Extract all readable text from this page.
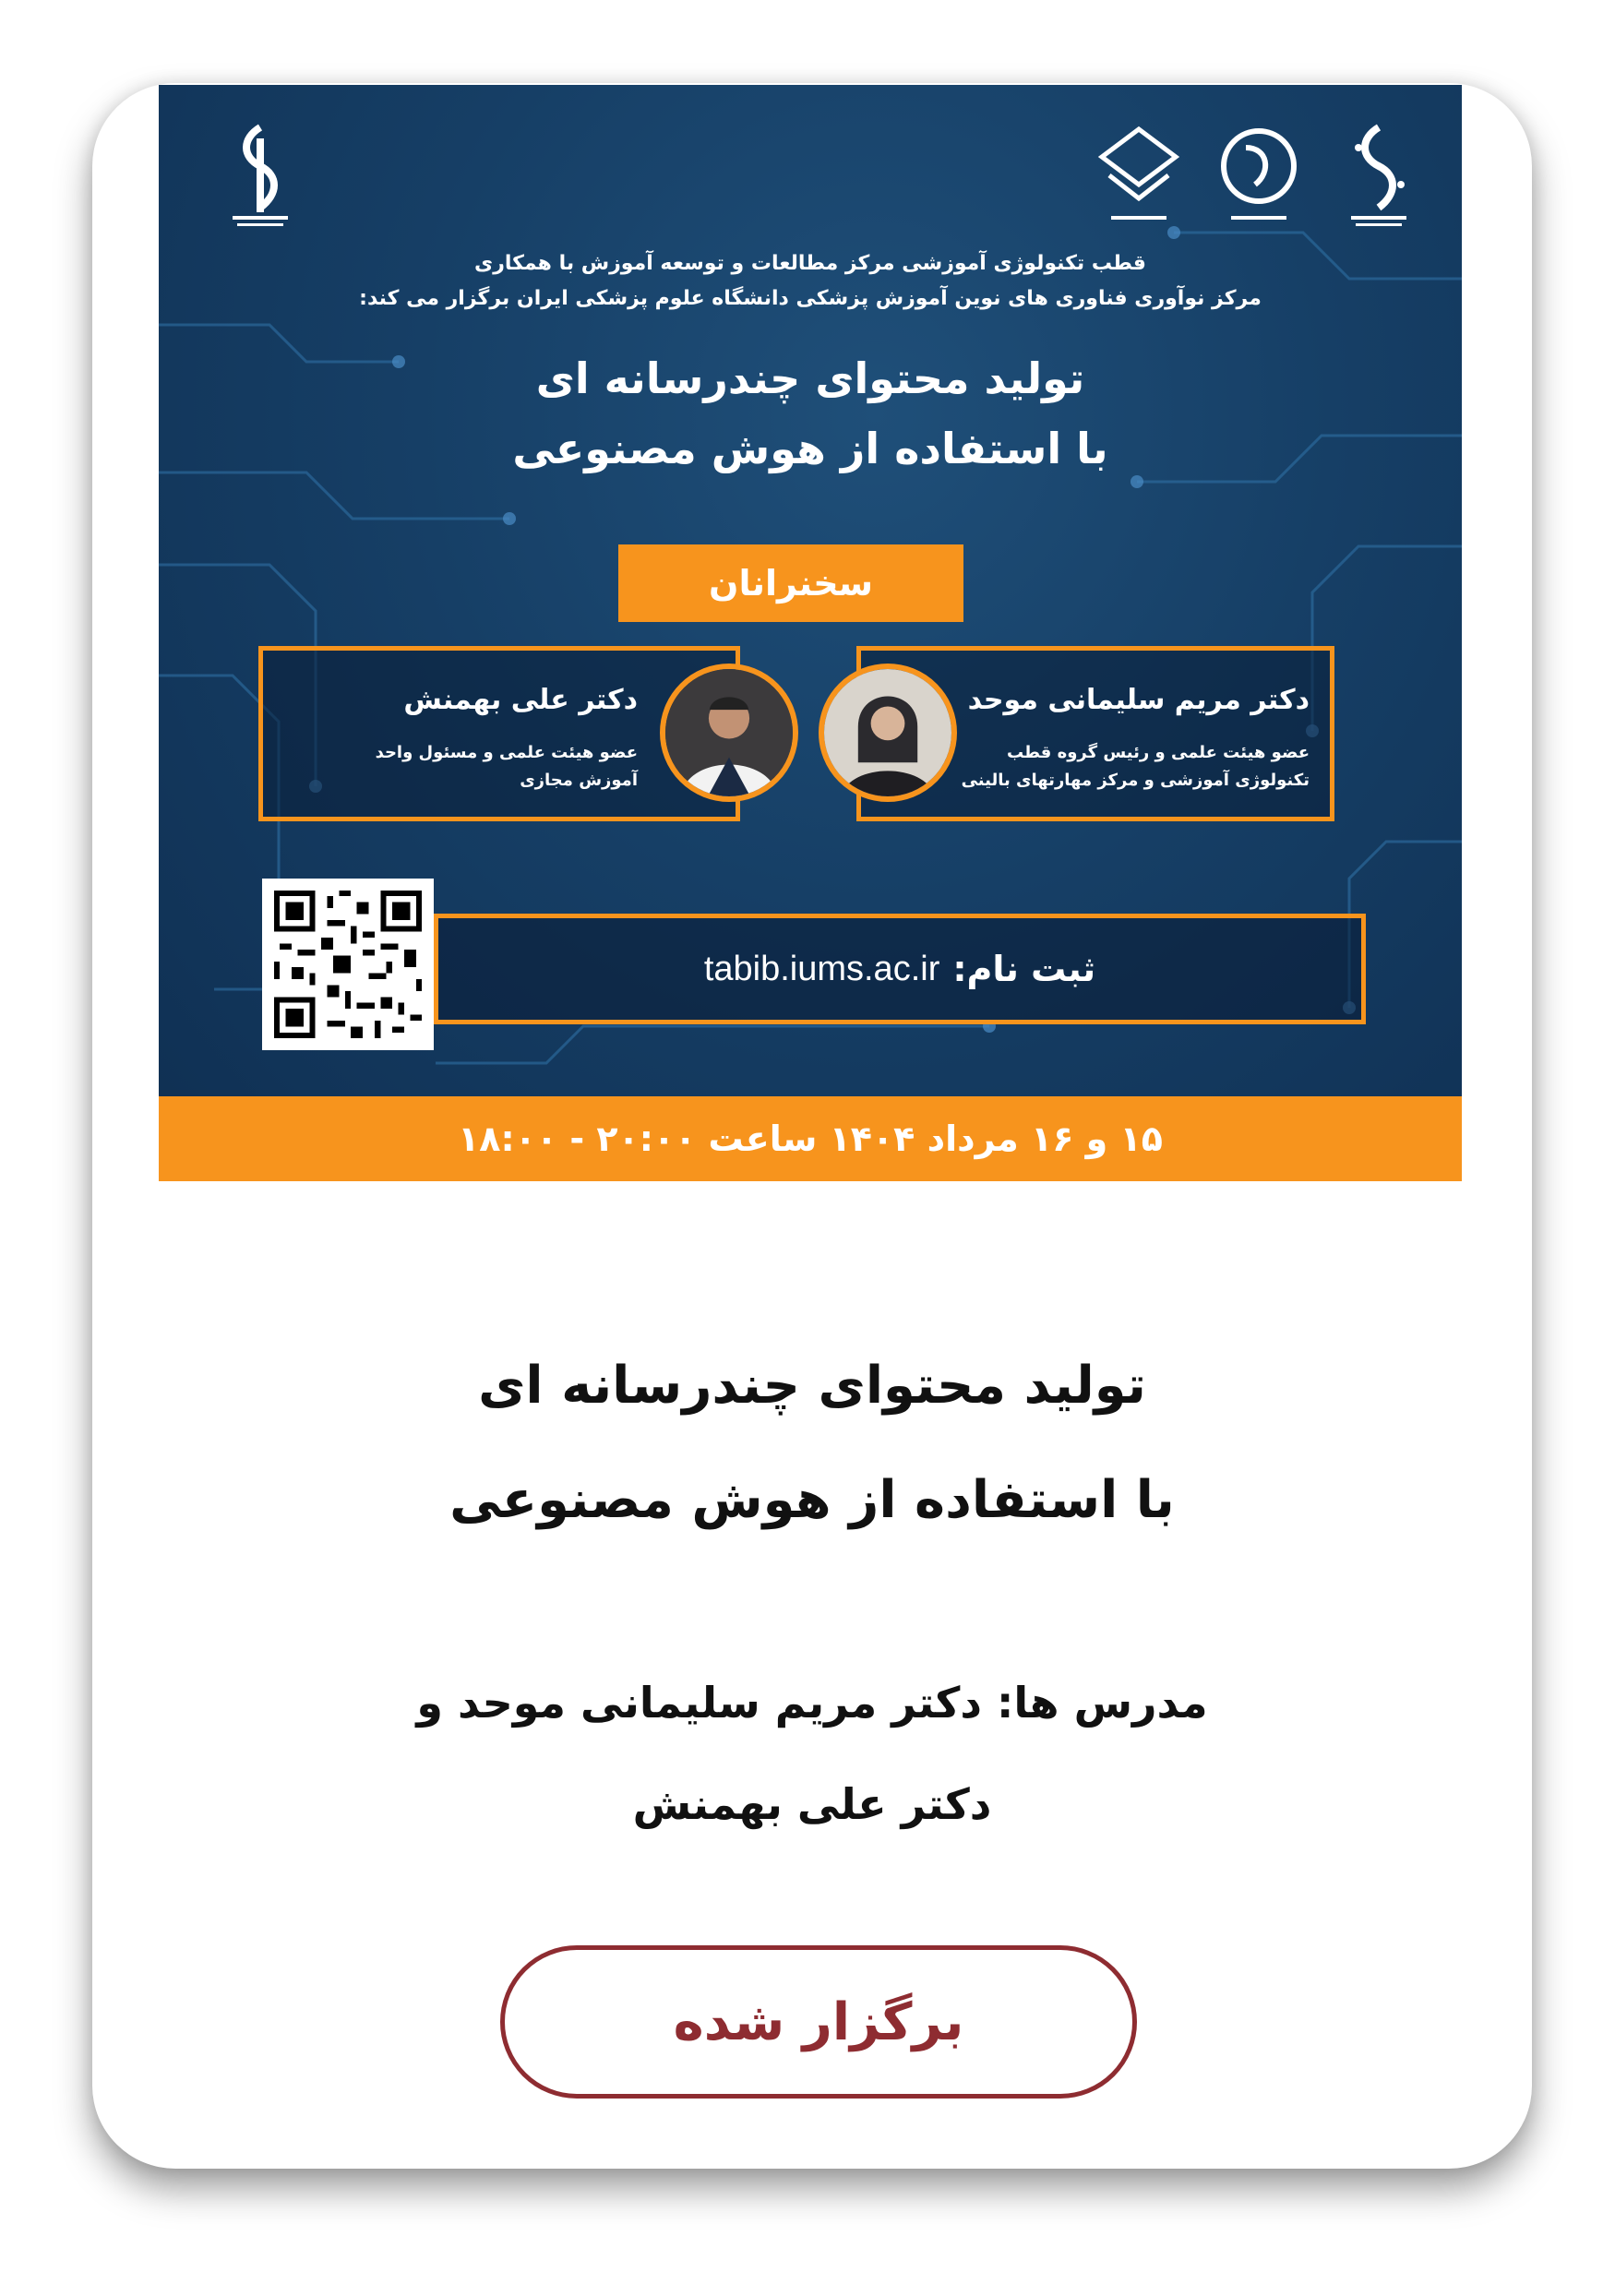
قطب تکنولوژی آموزشی مرکز مطالعات و توسعه آموزش با همکاری
مرکز نوآوری فناوری های نوین آموزش پزشکی دانشگاه علوم پزشکی ایران برگزار می کند:
تولید محتوای چندرسانه ای
با استفاده از هوش مصنوعی
سخنرانان
دکتر مریم سلیمانی موحد
عضو هیئت علمی و رئیس گروه قطب تکنولوژی آموزشی و مرکز مهارتهای بالینی
دکتر علی بهمنش
عضو هیئت علمی و مسئول واحد آموزش مجازی
ثبت نام:
tabib.iums.ac.ir
۱۵ و ۱۶ مرداد ۱۴۰۴ ساعت ۲۰:۰۰ - ۱۸:۰۰
تولید محتوای چندرسانه ای
با استفاده از هوش مصنوعی
مدرس ها: دکتر مریم سلیمانی موحد و
دکتر علی بهمنش
برگزار شده
